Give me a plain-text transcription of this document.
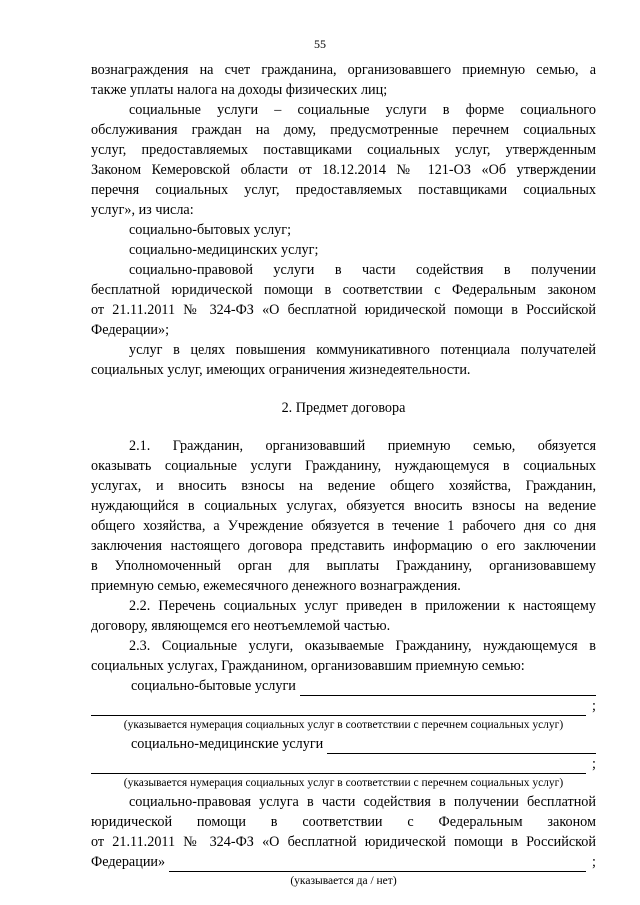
55

вознаграждения на счет гражданина, организовавшего приемную семью, а

также уплаты налога на доходы физических лиц;

социальные услуги – социальные услуги в форме социального

обслуживания граждан на дому, предусмотренные перечнем социальных

услуг, предоставляемых поставщиками социальных услуг, утвержденным

Законом Кемеровской области от 18.12.2014 № 121-ОЗ «Об утверждении

перечня социальных услуг, предоставляемых поставщиками социальных

услуг», из числа:

социально-бытовых услуг;

социально-медицинских услуг;

социально-правовой услуги в части содействия в получении

бесплатной юридической помощи в соответствии с Федеральным законом

от 21.11.2011 № 324-ФЗ «О бесплатной юридической помощи в Российской

Федерации»;

услуг в целях повышения коммуникативного потенциала получателей

социальных услуг, имеющих ограничения жизнедеятельности.

2. Предмет договора

2.1. Гражданин, организовавший приемную семью, обязуется

оказывать социальные услуги Гражданину, нуждающемуся в социальных

услугах, и вносить взносы на ведение общего хозяйства, Гражданин,

нуждающийся в социальных услугах, обязуется вносить взносы на ведение

общего хозяйства, а Учреждение обязуется в течение 1 рабочего дня со дня

заключения настоящего договора представить информацию о его заключении

в Уполномоченный орган для выплаты Гражданину, организовавшему

приемную семью, ежемесячного денежного вознаграждения.

2.2. Перечень социальных услуг приведен в приложении к настоящему

договору, являющемся его неотъемлемой частью.

2.3. Социальные услуги, оказываемые Гражданину, нуждающемуся в

социальных услугах, Гражданином, организовавшим приемную семью:

социально-бытовые услуги
;

(указывается нумерация социальных услуг в соответствии с перечнем социальных услуг)

социально-медицинские услуги
;

(указывается нумерация социальных услуг в соответствии с перечнем социальных услуг)

социально-правовая услуга в части содействия в получении бесплатной

юридической помощи в соответствии с Федеральным законом

от 21.11.2011 № 324-ФЗ «О бесплатной юридической помощи в Российской

Федерации»	;

(указывается да / нет)
